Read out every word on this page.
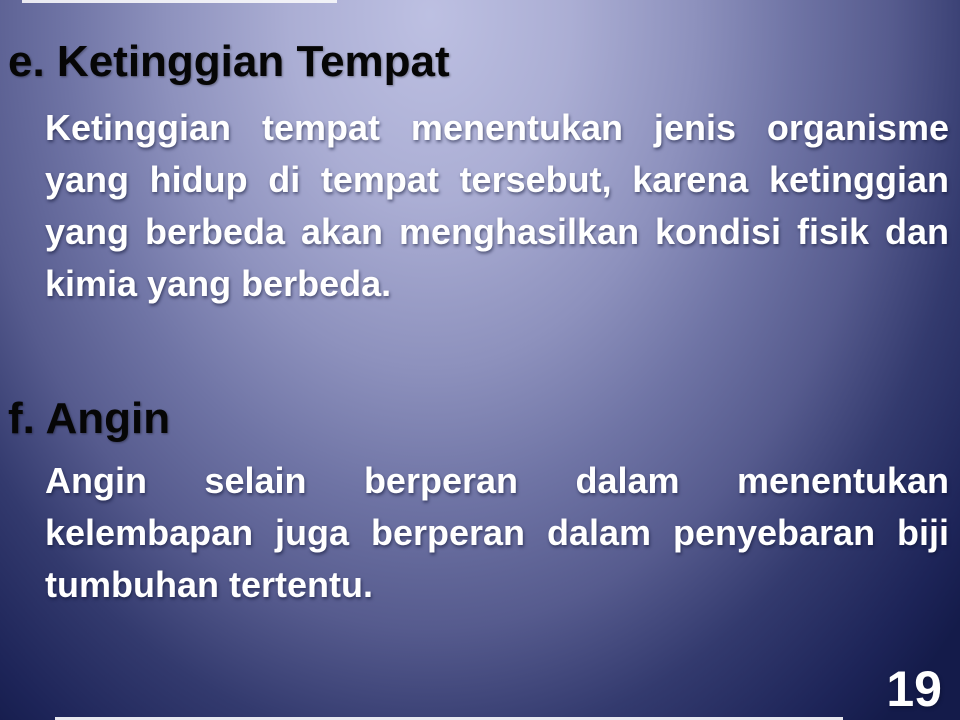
e. Ketinggian Tempat

Ketinggian tempat menentukan jenis organisme yang hidup di tempat tersebut, karena ketinggian yang berbeda akan menghasilkan kondisi fisik dan kimia yang berbeda.

f. Angin

Angin selain berperan dalam menentukan kelembapan juga berperan dalam penyebaran biji tumbuhan tertentu.

19
